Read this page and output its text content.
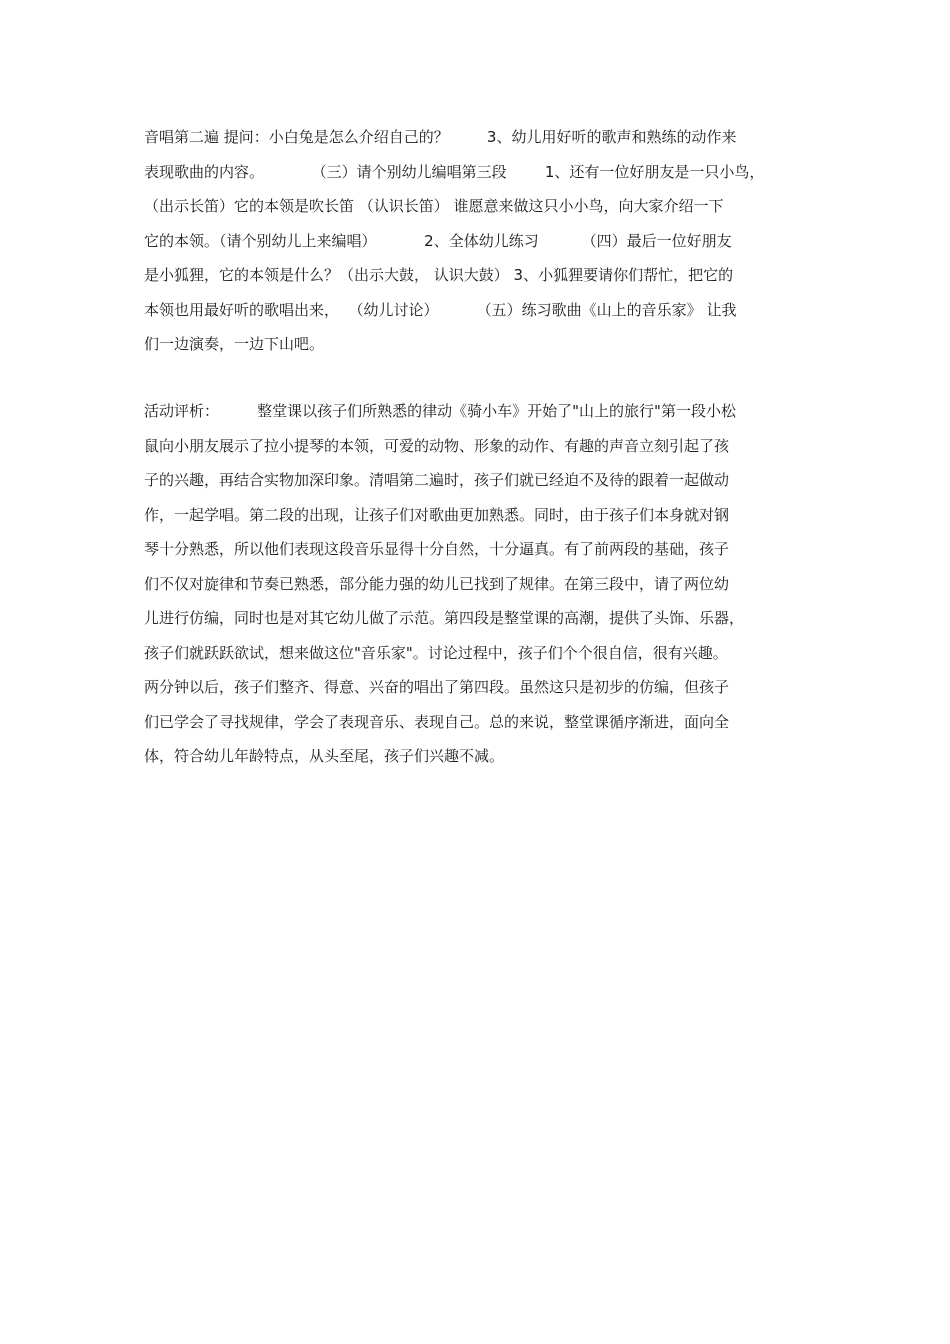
音唱第二遍 提问：小白兔是怎么介绍自己的？        3、幼儿用好听的歌声和熟练的动作来
表现歌曲的内容。          （三）请个别幼儿编唱第三段        1、还有一位好朋友是一只小鸟，
（出示长笛）它的本领是吹长笛 （认识长笛） 谁愿意来做这只小小鸟，向大家介绍一下
它的本领。（请个别幼儿上来编唱）          2、全体幼儿练习         （四）最后一位好朋友
是小狐狸，它的本领是什么？（出示大鼓， 认识大鼓） 3、小狐狸要请你们帮忙，把它的
本领也用最好听的歌唱出来，  （幼儿讨论）        （五）练习歌曲《山上的音乐家》 让我
们一边演奏，一边下山吧。
活动评析：        整堂课以孩子们所熟悉的律动《骑小车》开始了"山上的旅行"第一段小松
鼠向小朋友展示了拉小提琴的本领，可爱的动物、形象的动作、有趣的声音立刻引起了孩
子的兴趣，再结合实物加深印象。清唱第二遍时，孩子们就已经迫不及待的跟着一起做动
作，一起学唱。第二段的出现，让孩子们对歌曲更加熟悉。同时，由于孩子们本身就对钢
琴十分熟悉，所以他们表现这段音乐显得十分自然，十分逼真。有了前两段的基础，孩子
们不仅对旋律和节奏已熟悉，部分能力强的幼儿已找到了规律。在第三段中，请了两位幼
儿进行仿编，同时也是对其它幼儿做了示范。第四段是整堂课的高潮，提供了头饰、乐器，
孩子们就跃跃欲试，想来做这位"音乐家"。讨论过程中，孩子们个个很自信，很有兴趣。
两分钟以后，孩子们整齐、得意、兴奋的唱出了第四段。虽然这只是初步的仿编，但孩子
们已学会了寻找规律，学会了表现音乐、表现自己。总的来说，整堂课循序渐进，面向全
体，符合幼儿年龄特点，从头至尾，孩子们兴趣不减。
